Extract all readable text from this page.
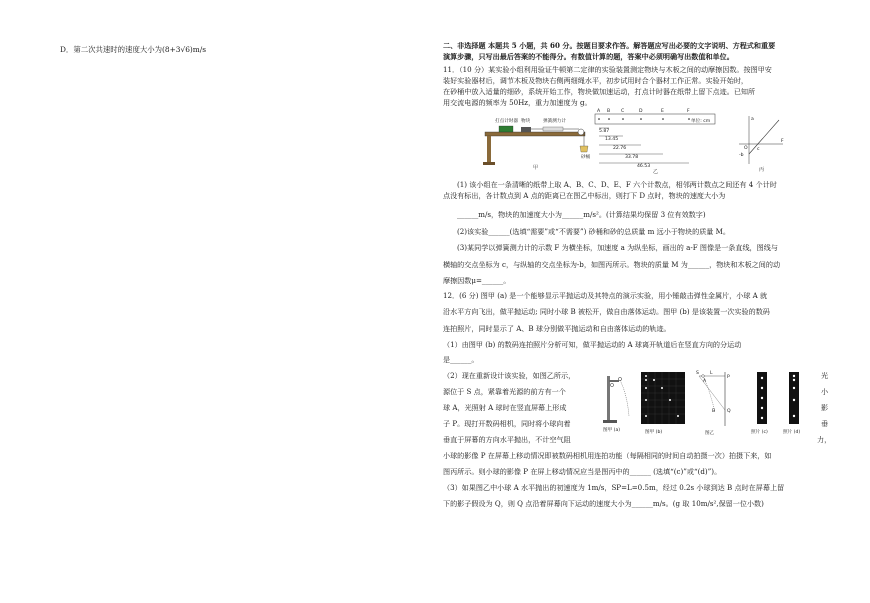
D．第二次共速时的速度大小为(8+3√6)m/s	二、非选择题 本题共 5 小题，共 60 分。按题目要求作答。解答题应写出必要的文字说明、方程式和重要
演算步骤，只写出最后答案的不能得分。有数值计算的题，答案中必须明确写出数值和单位。
11．（10 分）某实验小组利用验证牛顿第二定律的实验装置测定物块与木板之间的动摩擦因数。按图甲安
装好实验器材后，调节木板及物块右侧两细绳水平，初步试用时合个器材工作正常。实验开始时，
在砂桶中放入适量的细砂，系统开始工作，物块做加速运动，打点计时器在纸带上留下点迹。已知所
用交流电源的频率为 50Hz，重力加速度为 g。
打点计时器 物块	弹簧测力计
砂桶
甲
A B C	D	E	F
单位: cm
5.87
13.45
22.76
33.78
46.53
乙
a
F
c
O
-b
丙
(1) 该小组在一条清晰的纸带上取 A、B、C、D、E、F 六个计数点，相邻两计数点之间还有 4 个计时
点没有标出，各计数点到 A 点的距离已在图乙中标出，则打下 D 点时，物块的速度大小为
______m/s，物块的加速度大小为______m/s²。(计算结果均保留 3 位有效数字)
(2)该实验______(选填“需要”或“不需要”) 砂桶和砂的总质量 m 远小于物块的质量 M。
(3)某同学以弹簧测力计的示数 F 为横坐标，加速度 a 为纵坐标，画出的 a-F 图像是一条直线，图线与
横轴的交点坐标为 c，与纵轴的交点坐标为-b，如图丙所示。物块的质量 M 为______，物块和木板之间的动
摩擦因数μ=______。
12．(6 分) 图甲 (a) 是一个能够显示平抛运动及其特点的演示实验，用小锤敲击弹性金属片，小球 A 就
沿水平方向飞出，做平抛运动; 同时小球 B 被松开，做自由落体运动。图甲 (b) 是该装置一次实验的数码
连拍照片，同时显示了 A、B 球分别做平抛运动和自由落体运动的轨迹。
（1）由图甲 (b) 的数码连拍照片分析可知，做平抛运动的 A 球离开轨道后在竖直方向的分运动
是______。
（2）现在重新设计该实验，如图乙所示，
源位于 S 点，紧靠着光源的前方有一个
球 A，光照射 A 球时在竖直屏幕上形成
子 P。现打开数码相机，同时将小球向着
垂直于屏幕的方向水平抛出，不计空气阻
光
小
影
垂
力，
图甲 (a)	图甲 (b)
S
A
L
P
B	Q
图乙	照片 (c)	照片 (d)
小球的影像 P 在屏幕上移动情况即被数码相机用连拍功能（每隔相同的时间自动拍摄一次）拍摄下来，如
图丙所示。则小球的影像 P 在屏上移动情况应当是图丙中的______ (选填“(c)”或“(d)”)。
（3）如果图乙中小球 A 水平抛出的初速度为 1m/s，SP=L=0.5m，经过 0.2s 小球到达 B 点时在屏幕上留
下的影子假设为 Q，则 Q 点沿着屏幕向下运动的速度大小为______m/s。(g 取 10m/s²,保留一位小数)
